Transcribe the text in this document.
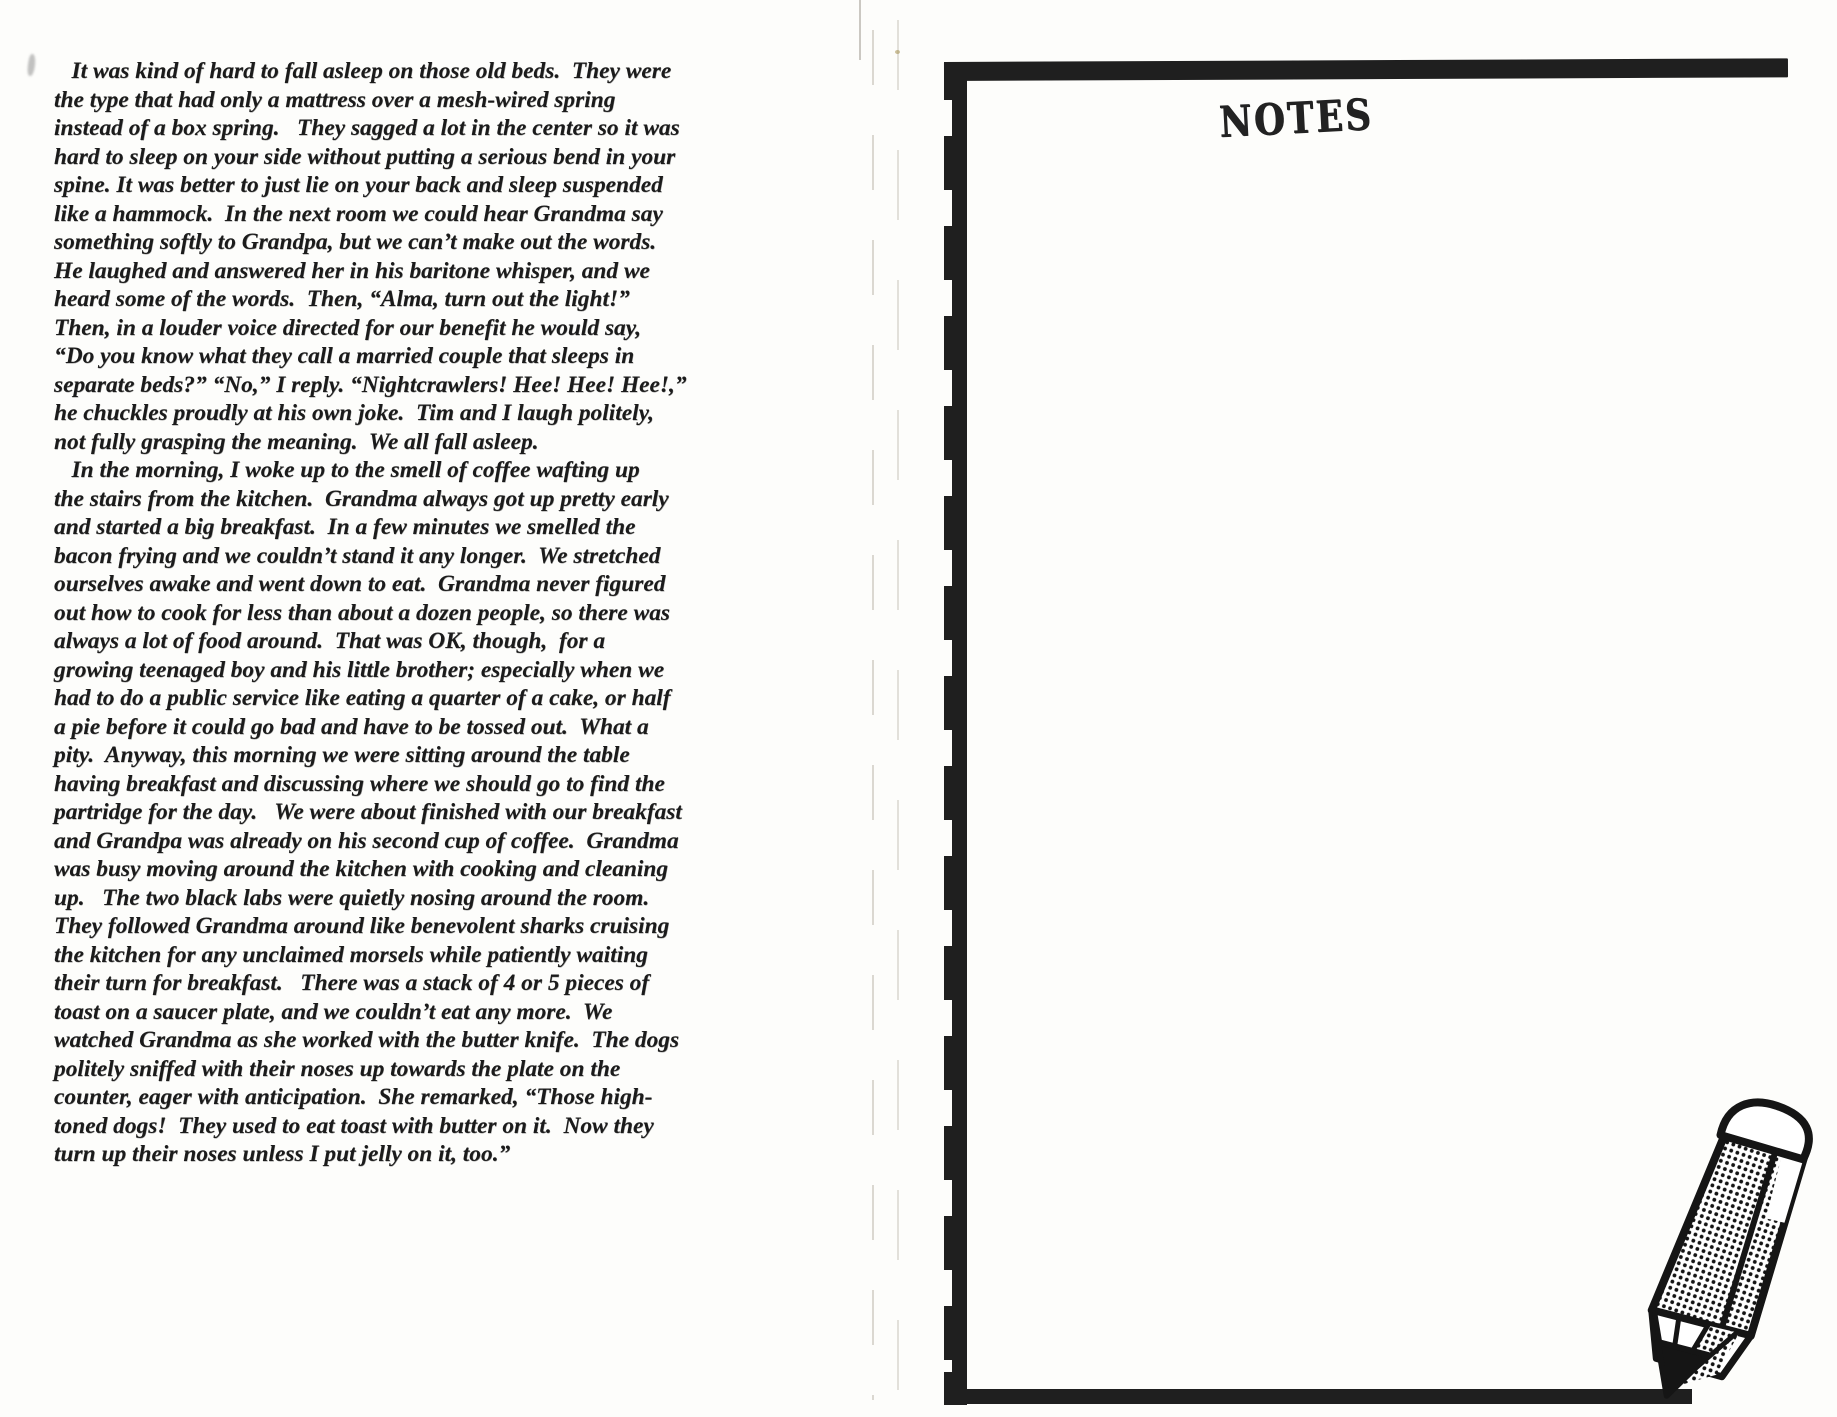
It was kind of hard to fall asleep on those old beds.  They were
the type that had only a mattress over a mesh-wired spring
instead of a box spring.   They sagged a lot in the center so it was
hard to sleep on your side without putting a serious bend in your
spine. It was better to just lie on your back and sleep suspended
like a hammock.  In the next room we could hear Grandma say
something softly to Grandpa, but we can’t make out the words.
He laughed and answered her in his baritone whisper, and we
heard some of the words.  Then, “Alma, turn out the light!”
Then, in a louder voice directed for our benefit he would say,
“Do you know what they call a married couple that sleeps in
separate beds?” “No,” I reply. “Nightcrawlers! Hee! Hee! Hee!,”
he chuckles proudly at his own joke.  Tim and I laugh politely,
not fully grasping the meaning.  We all fall asleep.
In the morning, I woke up to the smell of coffee wafting up
the stairs from the kitchen.  Grandma always got up pretty early
and started a big breakfast.  In a few minutes we smelled the
bacon frying and we couldn’t stand it any longer.  We stretched
ourselves awake and went down to eat.  Grandma never figured
out how to cook for less than about a dozen people, so there was
always a lot of food around.  That was OK, though,  for a
growing teenaged boy and his little brother; especially when we
had to do a public service like eating a quarter of a cake, or half
a pie before it could go bad and have to be tossed out.  What a
pity.  Anyway, this morning we were sitting around the table
having breakfast and discussing where we should go to find the
partridge for the day.   We were about finished with our breakfast
and Grandpa was already on his second cup of coffee.  Grandma
was busy moving around the kitchen with cooking and cleaning
up.   The two black labs were quietly nosing around the room.
They followed Grandma around like benevolent sharks cruising
the kitchen for any unclaimed morsels while patiently waiting
their turn for breakfast.   There was a stack of 4 or 5 pieces of
toast on a saucer plate, and we couldn’t eat any more.  We
watched Grandma as she worked with the butter knife.  The dogs
politely sniffed with their noses up towards the plate on the
counter, eager with anticipation.  She remarked, “Those high-
toned dogs!  They used to eat toast with butter on it.  Now they
turn up their noses unless I put jelly on it, too.”
NOTES
